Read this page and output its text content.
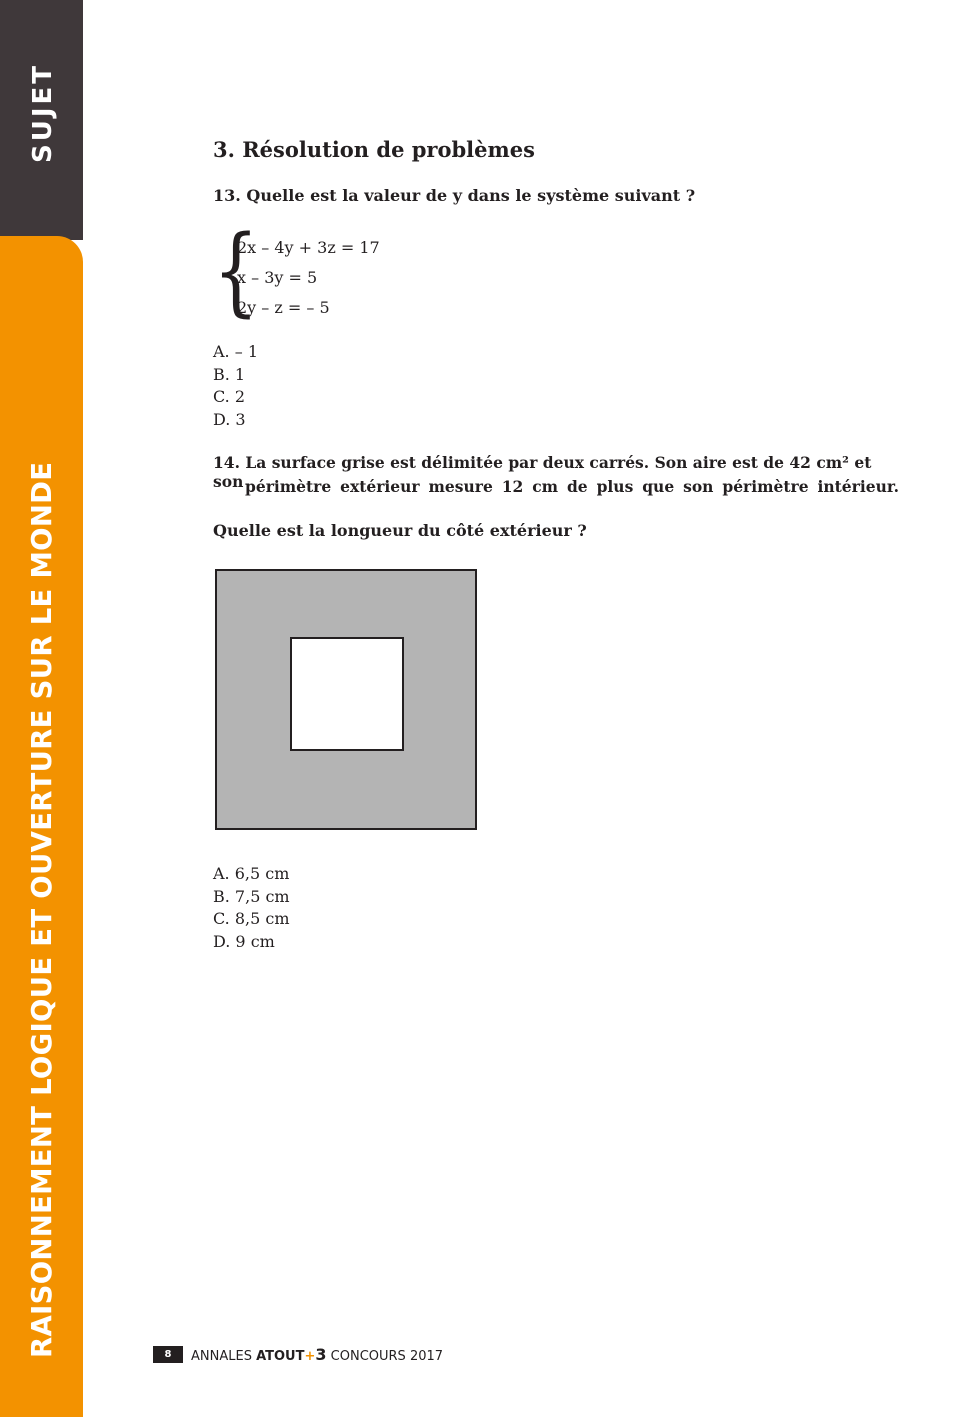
SUJET
RAISONNEMENT LOGIQUE ET OUVERTURE SUR LE MONDE
3. Résolution de problèmes

13. Quelle est la valeur de y dans le système suivant ?

{
2x – 4y + 3z = 17
x – 3y = 5
2y – z = – 5
A. – 1
B. 1
C. 2
D. 3

14. La surface grise est délimitée par deux carrés. Son aire est de 42 cm² et son périmètre extérieur mesure 12 cm de plus que son périmètre intérieur.

Quelle est la longueur du côté extérieur ?

A. 6,5 cm
B. 7,5 cm
C. 8,5 cm
D. 9 cm
8	ANNALES ATOUT+3 CONCOURS 2017
